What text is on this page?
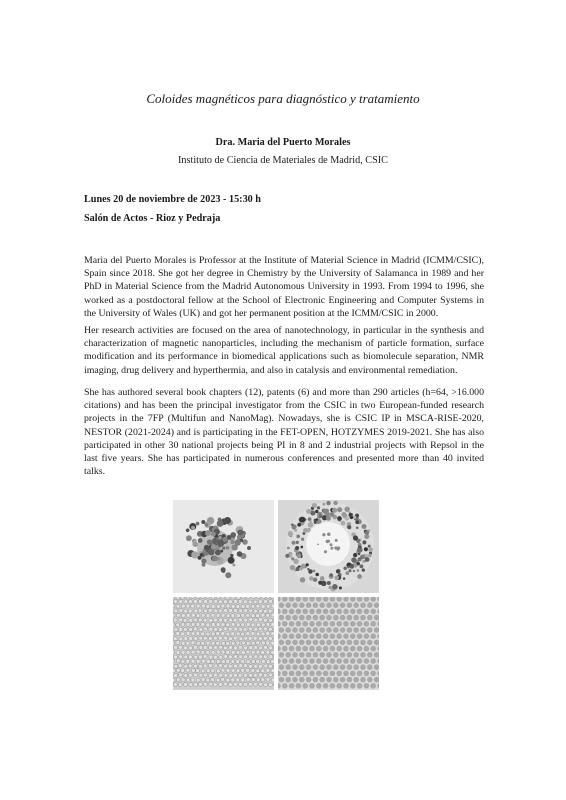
Coloides magnéticos para diagnóstico y tratamiento
Dra. Maria del Puerto Morales
Instituto de Ciencia de Materiales de Madrid, CSIC
Lunes 20 de noviembre de 2023 - 15:30 h
Salón de Actos - Rioz y Pedraja

Maria del Puerto Morales is Professor at the Institute of Material Science in Madrid (ICMM/CSIC), Spain since 2018. She got her degree in Chemistry by the University of Salamanca in 1989 and her PhD in Material Science from the Madrid Autonomous University in 1993. From 1994 to 1996, she worked as a postdoctoral fellow at the School of Electronic Engineering and Computer Systems in the University of Wales (UK) and got her permanent position at the ICMM/CSIC in 2000.

Her research activities are focused on the area of nanotechnology, in particular in the synthesis and characterization of magnetic nanoparticles, including the mechanism of particle formation, surface modification and its performance in biomedical applications such as biomolecule separation, NMR imaging, drug delivery and hyperthermia, and also in catalysis and environmental remediation.

She has authored several book chapters (12), patents (6) and more than 290 articles (h=64, >16.000 citations) and has been the principal investigator from the CSIC in two European-funded research projects in the 7FP (Multifun and NanoMag). Nowadays, she is CSIC IP in MSCA-RISE-2020, NESTOR (2021-2024) and is participating in the FET-OPEN, HOTZYMES 2019-2021. She has also participated in other 30 national projects being PI in 8 and 2 industrial projects with Repsol in the last five years. She has participated in numerous conferences and presented more than 40 invited talks.
